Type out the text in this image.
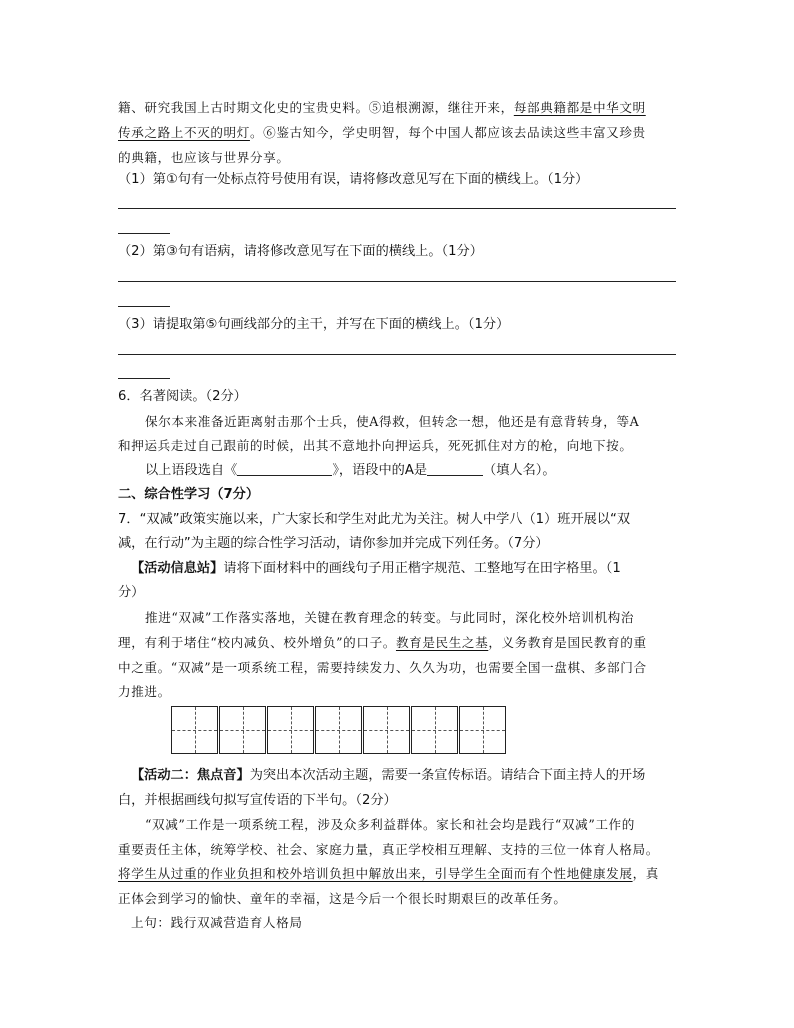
籍、研究我国上古时期文化史的宝贵史料。⑤追根溯源，继往开来，每部典籍都是中华文明
传承之路上不灭的明灯。⑥鉴古知今，学史明智，每个中国人都应该去品读这些丰富又珍贵
的典籍，也应该与世界分享。
（1）第①句有一处标点符号使用有误，请将修改意见写在下面的横线上。（1分）
（2）第③句有语病，请将修改意见写在下面的横线上。（1分）
（3）请提取第⑤句画线部分的主干，并写在下面的横线上。（1分）
6．名著阅读。（2分）
保尔本来准备近距离射击那个士兵，使A得救，但转念一想，他还是有意背转身，等A
和押运兵走过自己跟前的时候，出其不意地扑向押运兵，死死抓住对方的枪，向地下按。
以上语段选自《	》，语段中的A是	（填人名）。
二、综合性学习（7分）
7．“双减”政策实施以来，广大家长和学生对此尤为关注。树人中学八（1）班开展以“双
减，在行动”为主题的综合性学习活动，请你参加并完成下列任务。（7分）
【活动信息站】请将下面材料中的画线句子用正楷字规范、工整地写在田字格里。（1
分）
推进“双减”工作落实落地，关键在教育理念的转变。与此同时，深化校外培训机构治
理，有利于堵住“校内减负、校外增负”的口子。教育是民生之基，义务教育是国民教育的重
中之重。“双减”是一项系统工程，需要持续发力、久久为功，也需要全国一盘棋、多部门合
力推进。
【活动二：焦点音】为突出本次活动主题，需要一条宣传标语。请结合下面主持人的开场
白，并根据画线句拟写宣传语的下半句。（2分）
“双减”工作是一项系统工程，涉及众多利益群体。家长和社会均是践行“双减”工作的
重要责任主体，统筹学校、社会、家庭力量，真正学校相互理解、支持的三位一体育人格局。
将学生从过重的作业负担和校外培训负担中解放出来，引导学生全面而有个性地健康发展，真
正体会到学习的愉快、童年的幸福，这是今后一个很长时期艰巨的改革任务。
上句：践行双减营造育人格局
